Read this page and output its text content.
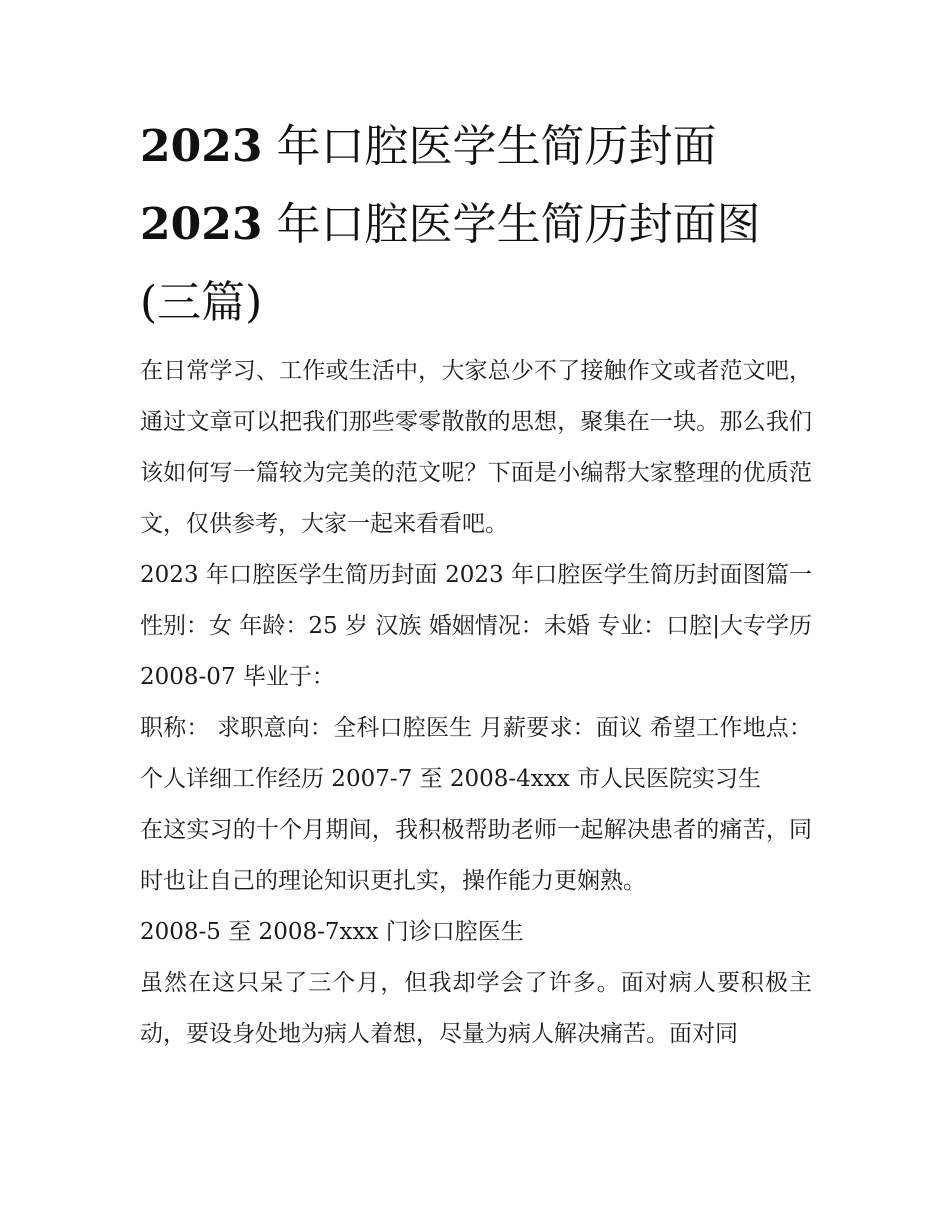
2023 年口腔医学生简历封面
2023 年口腔医学生简历封面图
(三篇)

在日常学习、工作或生活中，大家总少不了接触作文或者范文吧，通过文章可以把我们那些零零散散的思想，聚集在一块。那么我们该如何写一篇较为完美的范文呢？下面是小编帮大家整理的优质范文，仅供参考，大家一起来看看吧。

2023 年口腔医学生简历封面 2023 年口腔医学生简历封面图篇一 性别：女 年龄：25 岁 汉族 婚姻情况：未婚 专业：口腔|大专学历 2008-07 毕业于：

职称： 求职意向：全科口腔医生 月薪要求：面议 希望工作地点： 个人详细工作经历 2007-7 至 2008-4xxx 市人民医院实习生

在这实习的十个月期间，我积极帮助老师一起解决患者的痛苦，同时也让自己的理论知识更扎实，操作能力更娴熟。

2008-5 至 2008-7xxx 门诊口腔医生

虽然在这只呆了三个月，但我却学会了许多。面对病人要积极主动，要设身处地为病人着想，尽量为病人解决痛苦。面对同
